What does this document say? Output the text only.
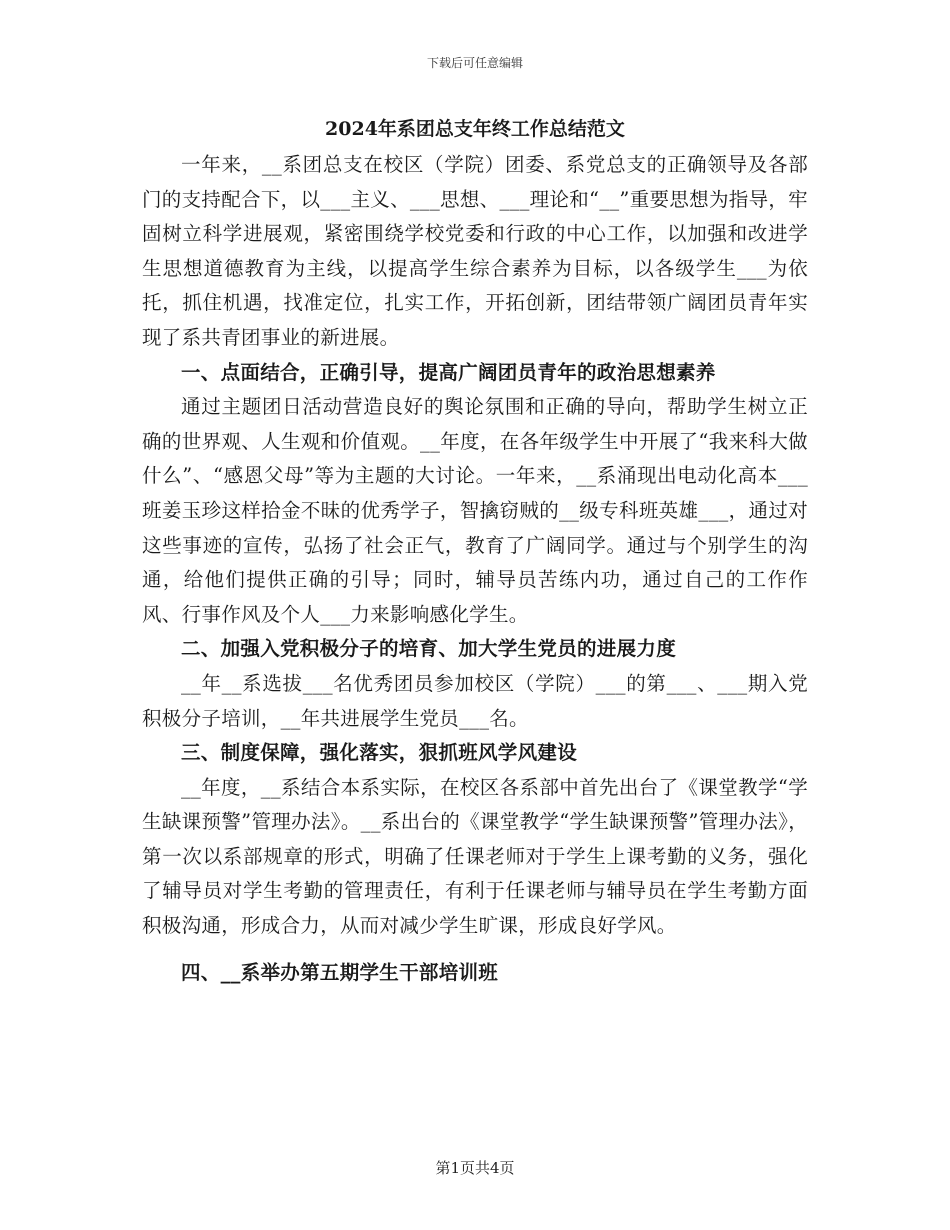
下载后可任意编辑
2024年系团总支年终工作总结范文

一年来，__系团总支在校区（学院）团委、系党总支的正确领导及各部门的支持配合下，以___主义、___思想、___理论和“__”重要思想为指导，牢固树立科学进展观，紧密围绕学校党委和行政的中心工作，以加强和改进学生思想道德教育为主线，以提高学生综合素养为目标，以各级学生___为依托，抓住机遇，找准定位，扎实工作，开拓创新，团结带领广阔团员青年实现了系共青团事业的新进展。

一、点面结合，正确引导，提高广阔团员青年的政治思想素养

通过主题团日活动营造良好的舆论氛围和正确的导向，帮助学生树立正确的世界观、人生观和价值观。__年度，在各年级学生中开展了“我来科大做什么”、“感恩父母”等为主题的大讨论。一年来，__系涌现出电动化高本___班姜玉珍这样拾金不昧的优秀学子，智擒窃贼的__级专科班英雄___，通过对这些事迹的宣传，弘扬了社会正气，教育了广阔同学。通过与个别学生的沟通，给他们提供正确的引导；同时，辅导员苦练内功，通过自己的工作作风、行事作风及个人___力来影响感化学生。

二、加强入党积极分子的培育、加大学生党员的进展力度

__年__系选拔___名优秀团员参加校区（学院）___的第___、___期入党积极分子培训，__年共进展学生党员___名。

三、制度保障，强化落实，狠抓班风学风建设

__年度，__系结合本系实际，在校区各系部中首先出台了《课堂教学“学生缺课预警”管理办法》。__系出台的《课堂教学“学生缺课预警”管理办法》，第一次以系部规章的形式，明确了任课老师对于学生上课考勤的义务，强化了辅导员对学生考勤的管理责任，有利于任课老师与辅导员在学生考勤方面积极沟通，形成合力，从而对减少学生旷课，形成良好学风。

四、__系举办第五期学生干部培训班

第1页共4页
